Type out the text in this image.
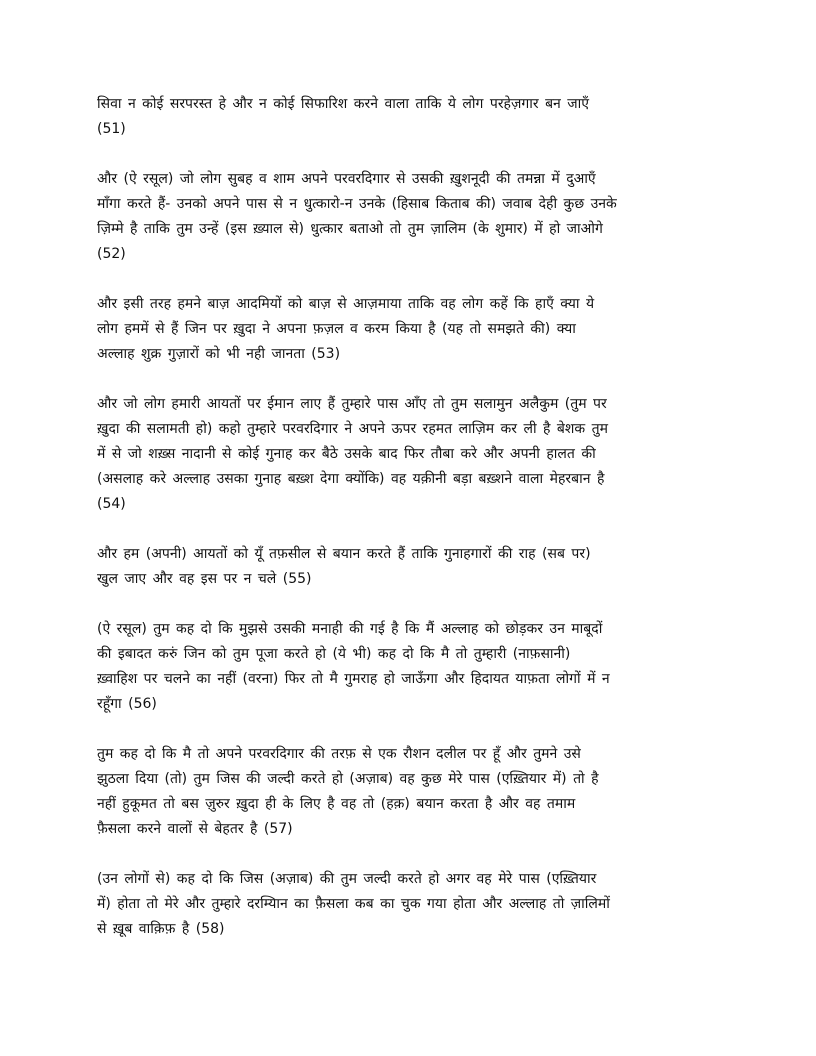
सिवा न कोई सरपरस्त हे और न कोई सिफारिश करने वाला ताकि ये लोग परहेज़गार बन जाएँ
(51)
और (ऐ रसूल) जो लोग सुबह व शाम अपने परवरदिगार से उसकी ख़ुशनूदी की तमन्ना में दुआएँ
माँगा करते हैं- उनको अपने पास से न धुत्कारो-न उनके (हिसाब किताब की) जवाब देही कुछ उनके
ज़िम्मे है ताकि तुम उन्हें (इस ख़्याल से) धुत्कार बताओ तो तुम ज़ालिम (के शुमार) में हो जाओगे
(52)
और इसी तरह हमने बाज़ आदमियों को बाज़ से आज़माया ताकि वह लोग कहें कि हाएँ क्या ये
लोग हममें से हैं जिन पर ख़ुदा ने अपना फ़ज़ल व करम किया है (यह तो समझते की) क्या
अल्लाह शुक्र गुज़ारों को भी नही जानता (53)
और जो लोग हमारी आयतों पर ईमान लाए हैं तुम्हारे पास आँए तो तुम सलामुन अलैकुम (तुम पर
ख़ुदा की सलामती हो) कहो तुम्हारे परवरदिगार ने अपने ऊपर रहमत लाज़िम कर ली है बेशक तुम
में से जो शख़्स नादानी से कोई गुनाह कर बैठे उसके बाद फिर तौबा करे और अपनी हालत की
(असलाह करे अल्लाह उसका गुनाह बख़्श देगा क्योंकि) वह यक़ीनी बड़ा बख़्शने वाला मेहरबान है
(54)
और हम (अपनी) आयतों को यूँ तफ़सील से बयान करते हैं ताकि गुनाहगारों की राह (सब पर)
खुल जाए और वह इस पर न चले (55)
(ऐ रसूल) तुम कह दो कि मुझसे उसकी मनाही की गई है कि मैं अल्लाह को छोड़कर उन माबूदों
की इबादत करुं जिन को तुम पूजा करते हो (ये भी) कह दो कि मै तो तुम्हारी (नाफ़सानी)
ख़्वाहिश पर चलने का नहीं (वरना) फिर तो मै गुमराह हो जाऊँगा और हिदायत याफ़ता लोगों में न
रहूँगा (56)
तुम कह दो कि मै तो अपने परवरदिगार की तरफ़ से एक रौशन दलील पर हूँ और तुमने उसे
झुठला दिया (तो) तुम जिस की जल्दी करते हो (अज़ाब) वह कुछ मेरे पास (एख़्तियार में) तो है
नहीं हुकूमत तो बस ज़ुरुर ख़ुदा ही के लिए है वह तो (हक़) बयान करता है और वह तमाम
फ़ैसला करने वालों से बेहतर है (57)
(उन लोगों से) कह दो कि जिस (अज़ाब) की तुम जल्दी करते हो अगर वह मेरे पास (एख़्तियार
में) होता तो मेरे और तुम्हारे दरम्यिान का फ़ैसला कब का चुक गया होता और अल्लाह तो ज़ालिमों
से ख़ूब वाक़िफ़ है (58)
